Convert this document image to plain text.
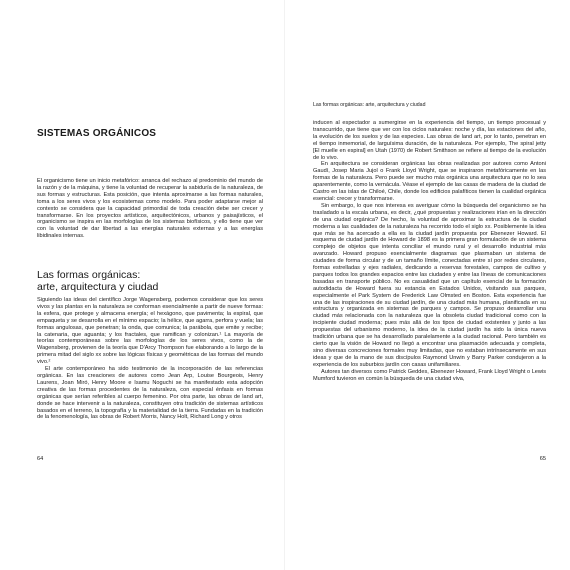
SISTEMAS ORGÁNICOS

El organicismo tiene un inicio metafórico: arranca del rechazo al predominio del mundo de la razón y de la máquina, y tiene la voluntad de recuperar la sabiduría de la naturaleza, de sus formas y estructuras. Esta posición, que intenta aproximarse a las formas naturales, toma a los seres vivos y los ecosistemas como modelo. Para poder adaptarse mejor al contexto se considera que la capacidad primordial de toda creación debe ser crecer y transformarse. En los proyectos artísticos, arquitectónicos, urbanos y paisajísticos, el organicismo se inspira en las morfologías de los sistemas biofísicos, y ello tiene que ver con la voluntad de dar libertad a las energías naturales externas y a las energías libidinales internas.

Las formas orgánicas:
arte, arquitectura y ciudad

Siguiendo las ideas del científico Jorge Wagensberg, podemos considerar que los seres vivos y las plantas en la naturaleza se conforman esencialmente a partir de nueve formas: la esfera, que protege y almacena energía; el hexágono, que pavimenta; la espiral, que empaqueta y se desarrolla en el mínimo espacio; la hélice, que agarra, perfora y vuela; las formas angulosas, que penetran; la onda, que comunica; la parábola, que emite y recibe; la catenaria, que aguanta; y los fractales, que ramifican y colonizan.¹ La mayoría de teorías contemporáneas sobre las morfologías de los seres vivos, como la de Wagensberg, provienen de la teoría que D'Arcy Thompson fue elaborando a lo largo de la primera mitad del siglo xx sobre las lógicas físicas y geométricas de las formas del mundo vivo.²

El arte contemporáneo ha sido testimonio de la incorporación de las referencias orgánicas. En las creaciones de autores como Jean Arp, Louise Bourgeois, Henry Laurens, Joan Miró, Henry Moore e Isamu Noguchi se ha manifestado esta adopción creativa de las formas procedentes de la naturaleza, con especial énfasis en formas orgánicas que serían referibles al cuerpo femenino. Por otra parte, las obras de land art, donde se hace intervenir a la naturaleza, constituyen otra tradición de sistemas artísticos basados en el terreno, la topografía y la materialidad de la tierra. Fundadas en la tradición de la fenomenología, las obras de Robert Morris, Nancy Holt, Richard Long y otros

64
Las formas orgánicas: arte, arquitectura y ciudad

inducen al espectador a sumergirse en la experiencia del tiempo, un tiempo procesual y transcurrido, que tiene que ver con los ciclos naturales: noche y día, las estaciones del año, la evolución de los suelos y de las especies. Las obras de land art, por lo tanto, penetran en el tiempo inmemorial, de larguísima duración, de la naturaleza. Por ejemplo, The spiral jetty [El muelle en espiral] en Utah (1970) de Robert Smithson se refiere al tiempo de la evolución de lo vivo.

En arquitectura se consideran orgánicas las obras realizadas por autores como Antoni Gaudí, Josep Maria Jujol o Frank Lloyd Wright, que se inspiraron metafóricamente en las formas de la naturaleza. Pero puede ser mucho más orgánica una arquitectura que no lo sea aparentemente, como la vernácula. Véase el ejemplo de las casas de madera de la ciudad de Castro en las islas de Chiloé, Chile, donde los edificios palafíticos tienen la cualidad orgánica esencial: crecer y transformarse.

Sin embargo, lo que nos interesa es averiguar cómo la búsqueda del organicismo se ha trasladado a la escala urbana, es decir, ¿qué propuestas y realizaciones irían en la dirección de una ciudad orgánica? De hecho, la voluntad de aproximar la estructura de la ciudad moderna a las cualidades de la naturaleza ha recorrido todo el siglo xx. Posiblemente la idea que más se ha acercado a ella es la ciudad jardín propuesta por Ebenezer Howard. El esquema de ciudad jardín de Howard de 1898 es la primera gran formulación de un sistema complejo de objetos que intenta conciliar el mundo rural y el desarrollo industrial más avanzado. Howard propuso esencialmente diagramas que plasmaban un sistema de ciudades de forma circular y de un tamaño límite, conectadas entre sí por redes circulares, formas estrelladas y ejes radiales, dedicando a reservas forestales, campos de cultivo y parques todos los grandes espacios entre las ciudades y entre las líneas de comunicaciones basadas en transporte público. No es casualidad que un capítulo esencial de la formación autodidacta de Howard fuera su estancia en Estados Unidos, visitando sus parques, especialmente el Park System de Frederick Law Olmsted en Boston. Esta experiencia fue una de las inspiraciones de su ciudad jardín, de una ciudad más humana, planificada en su estructura y organizada en sistemas de parques y campos. Se propuso desarrollar una ciudad más relacionada con la naturaleza que la obsoleta ciudad tradicional como con la incipiente ciudad moderna; pues más allá de los tipos de ciudad existentes y junto a las propuestas del urbanismo moderno, la idea de la ciudad jardín ha sido la única nueva tradición urbana que se ha desarrollado paralelamente a la ciudad racional. Pero también es cierto que la visión de Howard no llegó a encontrar una plasmación adecuada y completa, sino diversas concreciones formales muy limitadas, que no estaban intrínsecamente en sus ideas y que de la mano de sus discípulos Raymond Unwin y Barry Parker condujeron a la experiencia de los suburbios jardín con casas unifamiliares.

Autores tan diversos como Patrick Geddes, Ebenezer Howard, Frank Lloyd Wright o Lewis Mumford tuvieron en común la búsqueda de una ciudad viva,

65
